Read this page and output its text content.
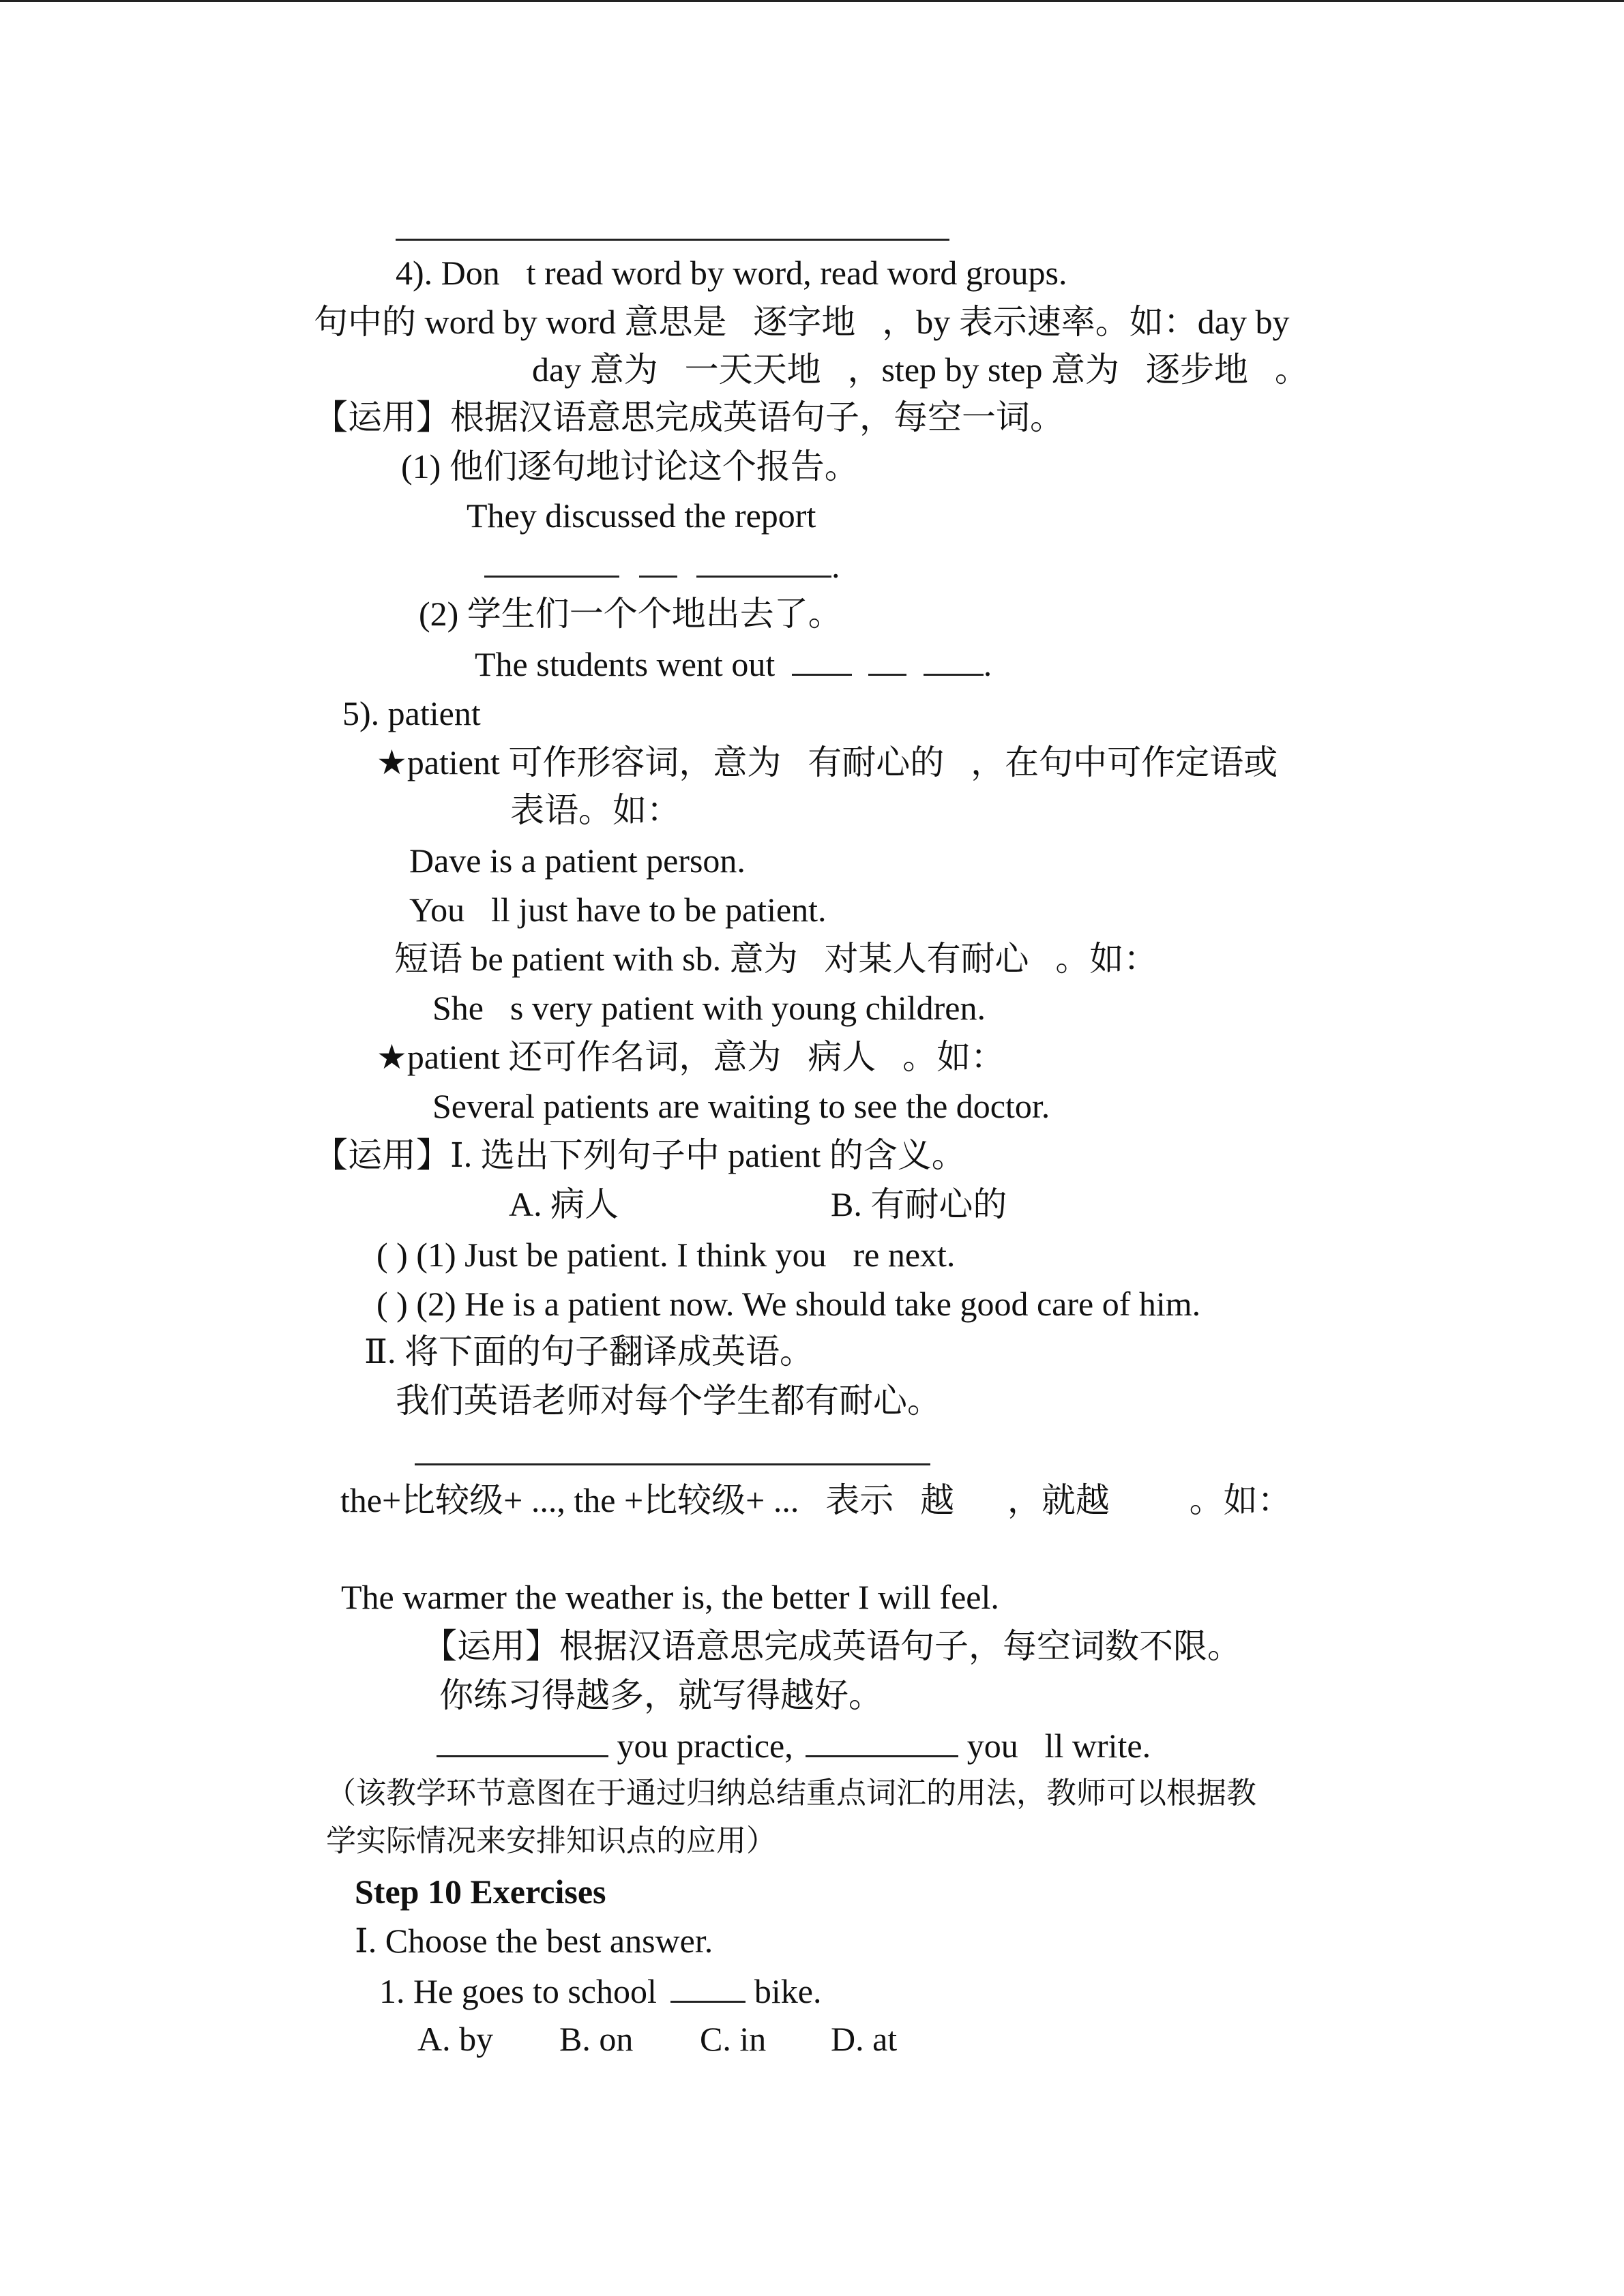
4). Don t read word by word, read word groups.
句中的 word by word 意思是 逐字地 ，by 表示速率。如：day by
day 意为 一天天地 ，step by step 意为 逐步地 。
【运用】根据汉语意思完成英语句子，每空一词。
(1) 他们逐句地讨论这个报告。
They discussed the report
.
(2) 学生们一个个地出去了。
The students went out	.
5). patient
★patient 可作形容词，意为 有耐心的 ，在句中可作定语或
表语。如：
Dave is a patient person.
You ll just have to be patient.
短语 be patient with sb. 意为 对某人有耐心 。如：
She s very patient with young children.
★patient 还可作名词，意为 病人 。如：
Several patients are waiting to see the doctor.
【运用】Ⅰ. 选出下列句子中 patient 的含义。
A. 病人	B. 有耐心的
( ) (1) Just be patient. I think you re next.
( ) (2) He is a patient now. We should take good care of him.
Ⅱ. 将下面的句子翻译成英语。
我们英语老师对每个学生都有耐心。
 the+比较级+ ..., the +比较级+ ... 表示 越  ，就越   。如：
The warmer the weather is, the better I will feel.
【运用】根据汉语意思完成英语句子，每空词数不限。
你练习得越多，就写得越好。
you practice,	you ll write.
（该教学环节意图在于通过归纳总结重点词汇的用法，教师可以根据教
学实际情况来安排知识点的应用）
Step 10 Exercises
Ⅰ. Choose the best answer.
1. He goes to school	bike.
A. by B. on C. in D. at
